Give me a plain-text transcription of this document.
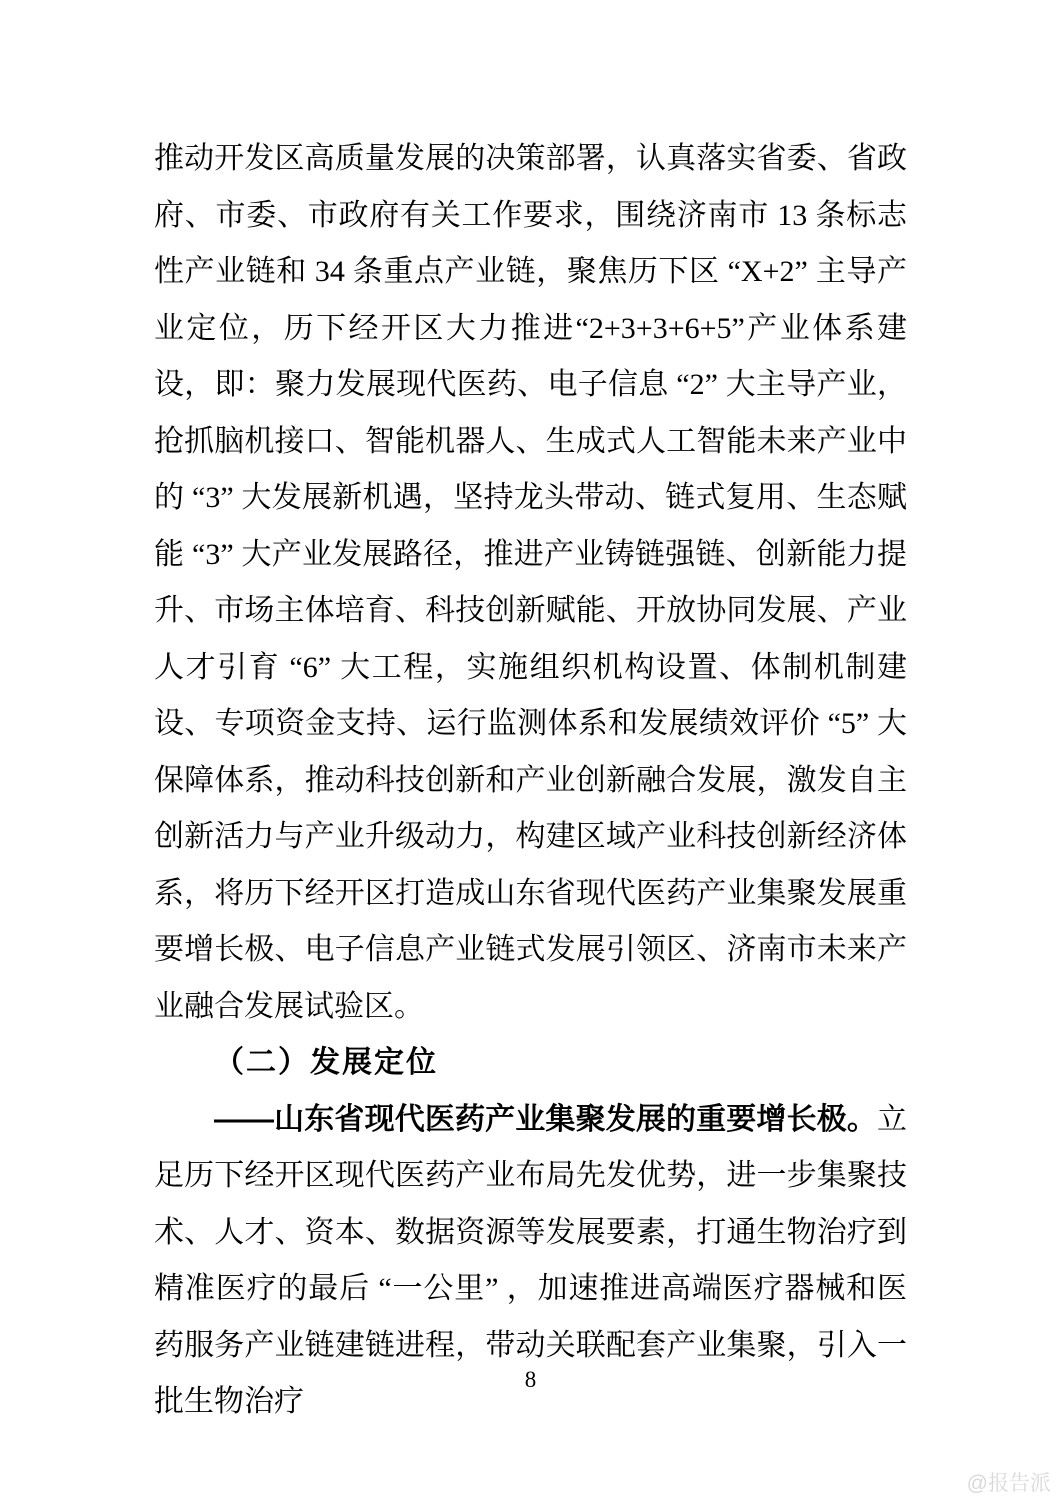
推动开发区高质量发展的决策部署，认真落实省委、省政府、市委、市政府有关工作要求，围绕济南市 13 条标志性产业链和 34 条重点产业链，聚焦历下区 “X+2” 主导产业定位，历下经开区大力推进“2+3+3+6+5”产业体系建设，即：聚力发展现代医药、电子信息 “2” 大主导产业，抢抓脑机接口、智能机器人、生成式人工智能未来产业中的 “3” 大发展新机遇，坚持龙头带动、链式复用、生态赋能 “3” 大产业发展路径，推进产业铸链强链、创新能力提升、市场主体培育、科技创新赋能、开放协同发展、产业人才引育 “6” 大工程，实施组织机构设置、体制机制建设、专项资金支持、运行监测体系和发展绩效评价 “5” 大保障体系，推动科技创新和产业创新融合发展，激发自主创新活力与产业升级动力，构建区域产业科技创新经济体系，将历下经开区打造成山东省现代医药产业集聚发展重要增长极、电子信息产业链式发展引领区、济南市未来产业融合发展试验区。

（二）发展定位

——山东省现代医药产业集聚发展的重要增长极。立足历下经开区现代医药产业布局先发优势，进一步集聚技术、人才、资本、数据资源等发展要素，打通生物治疗到精准医疗的最后 “一公里” ，加速推进高端医疗器械和医药服务产业链建链进程，带动关联配套产业集聚，引入一批生物治疗

8
@报告派
